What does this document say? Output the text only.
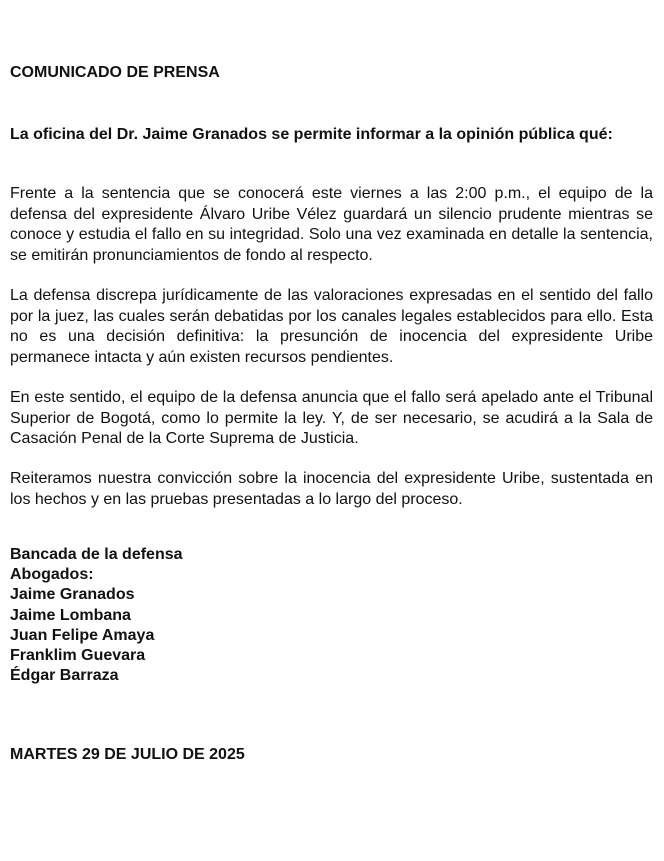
COMUNICADO DE PRENSA
La oficina del Dr. Jaime Granados se permite informar a la opinión pública qué:
Frente a la sentencia que se conocerá este viernes a las 2:00 p.m., el equipo de la defensa del expresidente Álvaro Uribe Vélez guardará un silencio prudente mientras se conoce y estudia el fallo en su integridad. Solo una vez examinada en detalle la sentencia, se emitirán pronunciamientos de fondo al respecto.
La defensa discrepa jurídicamente de las valoraciones expresadas en el sentido del fallo por la juez, las cuales serán debatidas por los canales legales establecidos para ello. Esta no es una decisión definitiva: la presunción de inocencia del expresidente Uribe permanece intacta y aún existen recursos pendientes.
En este sentido, el equipo de la defensa anuncia que el fallo será apelado ante el Tribunal Superior de Bogotá, como lo permite la ley. Y, de ser necesario, se acudirá a la Sala de Casación Penal de la Corte Suprema de Justicia.
Reiteramos nuestra convicción sobre la inocencia del expresidente Uribe, sustentada en los hechos y en las pruebas presentadas a lo largo del proceso.
Bancada de la defensa
Abogados:
Jaime Granados
Jaime Lombana
Juan Felipe Amaya
Franklim Guevara
Édgar Barraza
MARTES 29 DE JULIO DE 2025
